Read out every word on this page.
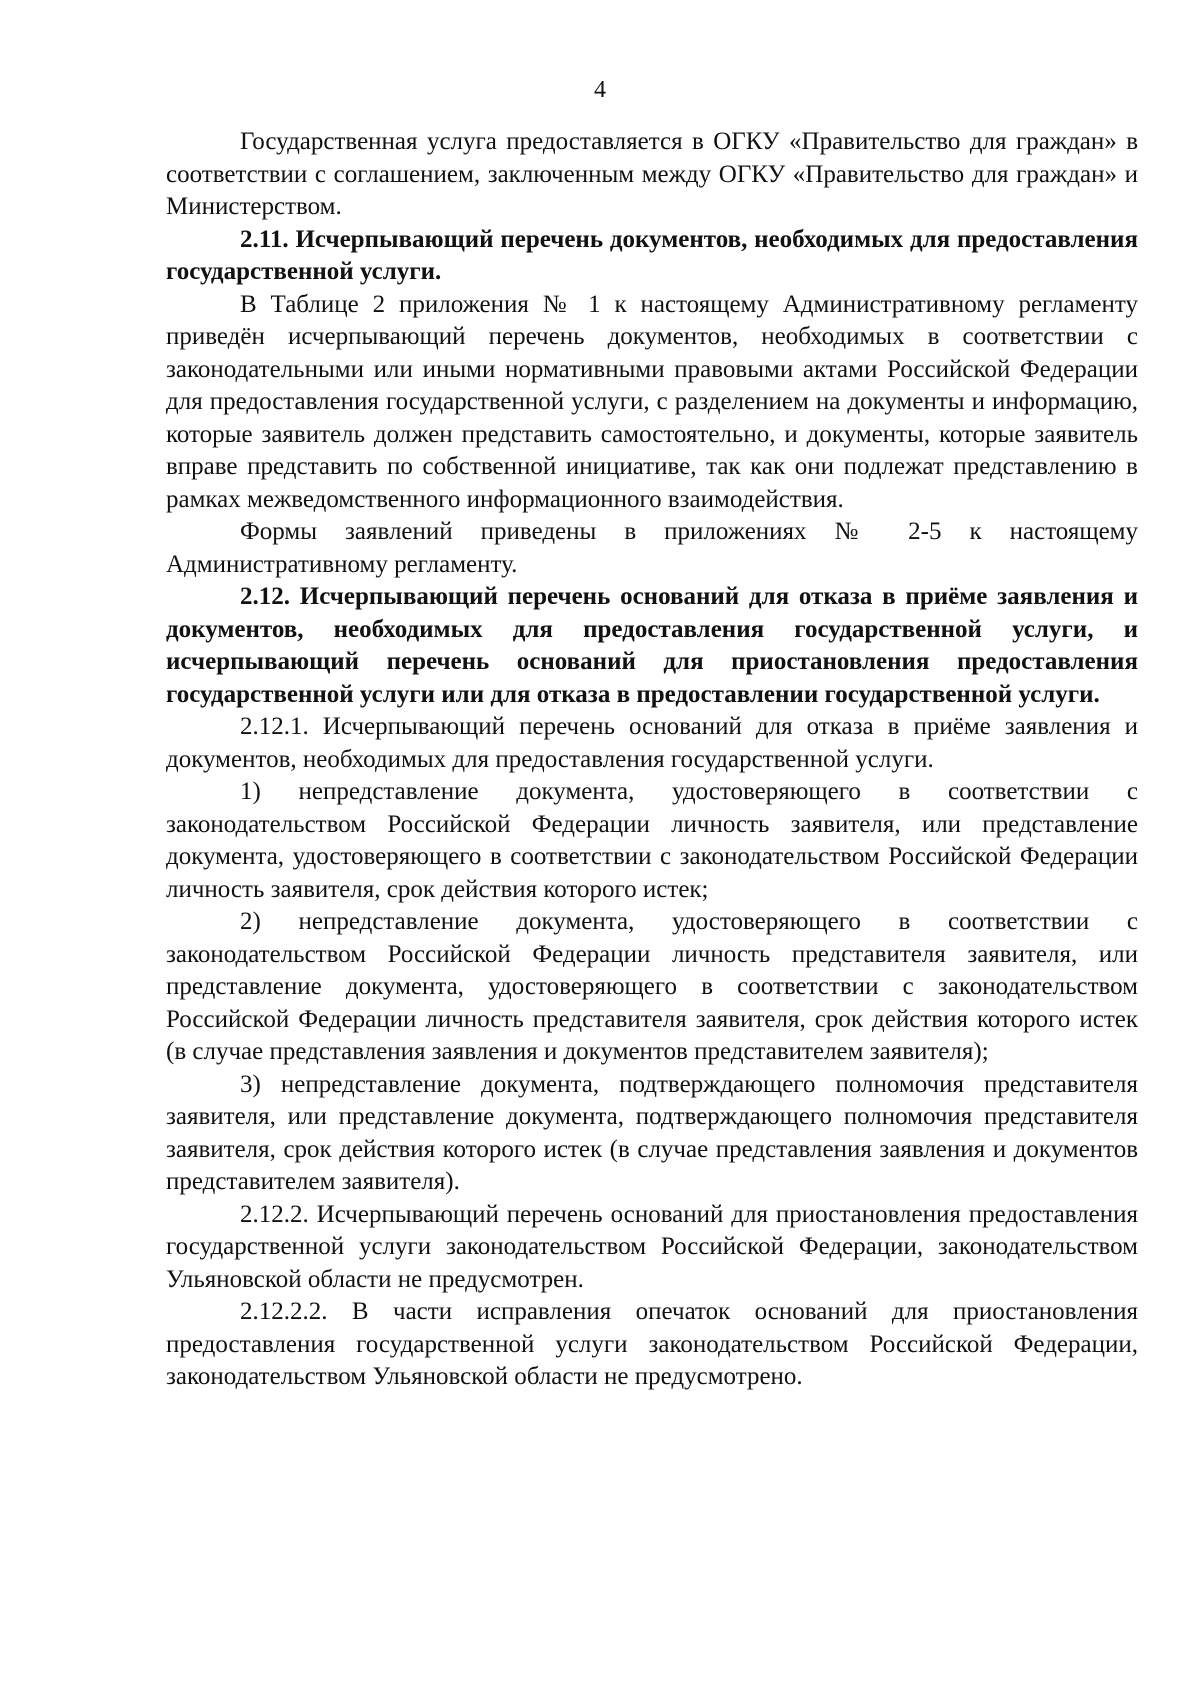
4

Государственная услуга предоставляется в ОГКУ «Правительство для граждан» в соответствии с соглашением, заключенным между ОГКУ «Правительство для граждан» и Министерством.

2.11. Исчерпывающий перечень документов, необходимых для предоставления государственной услуги.

В Таблице 2 приложения № 1 к настоящему Административному регламенту приведён исчерпывающий перечень документов, необходимых в соответствии с законодательными или иными нормативными правовыми актами Российской Федерации для предоставления государственной услуги, с разделением на документы и информацию, которые заявитель должен представить самостоятельно, и документы, которые заявитель вправе представить по собственной инициативе, так как они подлежат представлению в рамках межведомственного информационного взаимодействия.

Формы заявлений приведены в приложениях № 2-5 к настоящему Административному регламенту.

2.12. Исчерпывающий перечень оснований для отказа в приёме заявления и документов, необходимых для предоставления государственной услуги, и исчерпывающий перечень оснований для приостановления предоставления государственной услуги или для отказа в предоставлении государственной услуги.

2.12.1. Исчерпывающий перечень оснований для отказа в приёме заявления и документов, необходимых для предоставления государственной услуги.

1) непредставление документа, удостоверяющего в соответствии с законодательством Российской Федерации личность заявителя, или представление документа, удостоверяющего в соответствии с законодательством Российской Федерации личность заявителя, срок действия которого истек;

2) непредставление документа, удостоверяющего в соответствии с законодательством Российской Федерации личность представителя заявителя, или представление документа, удостоверяющего в соответствии с законодательством Российской Федерации личность представителя заявителя, срок действия которого истек (в случае представления заявления и документов представителем заявителя);

3) непредставление документа, подтверждающего полномочия представителя заявителя, или представление документа, подтверждающего полномочия представителя заявителя, срок действия которого истек (в случае представления заявления и документов представителем заявителя).

2.12.2. Исчерпывающий перечень оснований для приостановления предоставления государственной услуги законодательством Российской Федерации, законодательством Ульяновской области не предусмотрен.

2.12.2.2. В части исправления опечаток оснований для приостановления предоставления государственной услуги законодательством Российской Федерации, законодательством Ульяновской области не предусмотрено.
